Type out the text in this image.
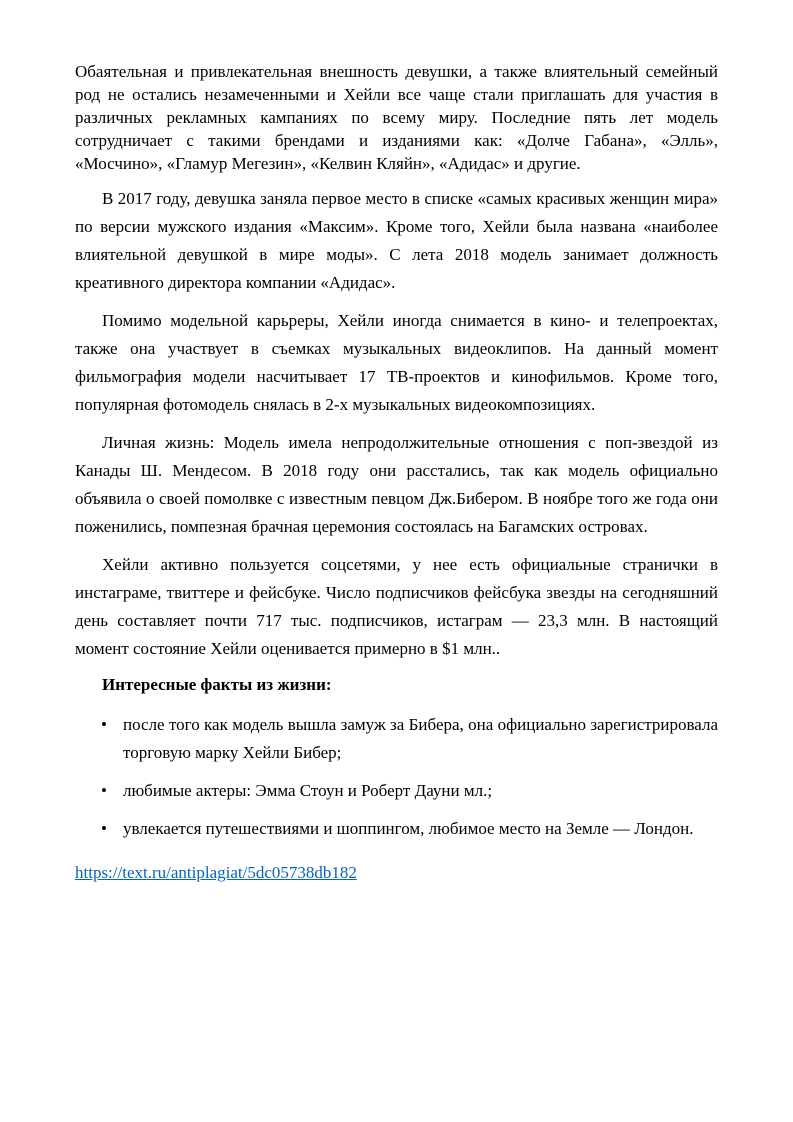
Обаятельная и привлекательная внешность девушки, а также влиятельный семейный род не остались незамеченными и Хейли все чаще стали приглашать для участия в различных рекламных кампаниях по всему миру. Последние пять лет модель сотрудничает с такими брендами и изданиями как: «Долче Габана», «Элль», «Мосчино», «Гламур Мегезин», «Келвин Кляйн», «Адидас» и другие.

В 2017 году, девушка заняла первое место в списке «самых красивых женщин мира» по версии мужского издания «Максим». Кроме того, Хейли была названа «наиболее влиятельной девушкой в мире моды». С лета 2018 модель занимает должность креативного директора компании «Адидас».

Помимо модельной карьреры, Хейли иногда снимается в кино- и телепроектах, также она участвует в съемках музыкальных видеоклипов. На данный момент фильмография модели насчитывает 17 ТВ-проектов и кинофильмов. Кроме того, популярная фотомодель снялась в 2-х музыкальных видеокомпозициях.

Личная жизнь: Модель имела непродолжительные отношения с поп-звездой из Канады Ш. Мендесом. В 2018 году они расстались, так как модель официально объявила о своей помолвке с известным певцом Дж.Бибером. В ноябре того же года они поженились, помпезная брачная церемония состоялась на Багамских островах.

Хейли активно пользуется соцсетями, у нее есть официальные странички в инстаграме, твиттере и фейсбуке. Число подписчиков фейсбука звезды на сегодняшний день составляет почти 717 тыс. подписчиков, истаграм — 23,3 млн. В настоящий момент состояние Хейли оценивается примерно в $1 млн..

Интересные факты из жизни:

• после того как модель вышла замуж за Бибера, она официально зарегистрировала торговую марку Хейли Бибер;
• любимые актеры: Эмма Стоун и Роберт Дауни мл.;
• увлекается путешествиями и шоппингом, любимое место на Земле — Лондон.
https://text.ru/antiplagiat/5dc05738db182
